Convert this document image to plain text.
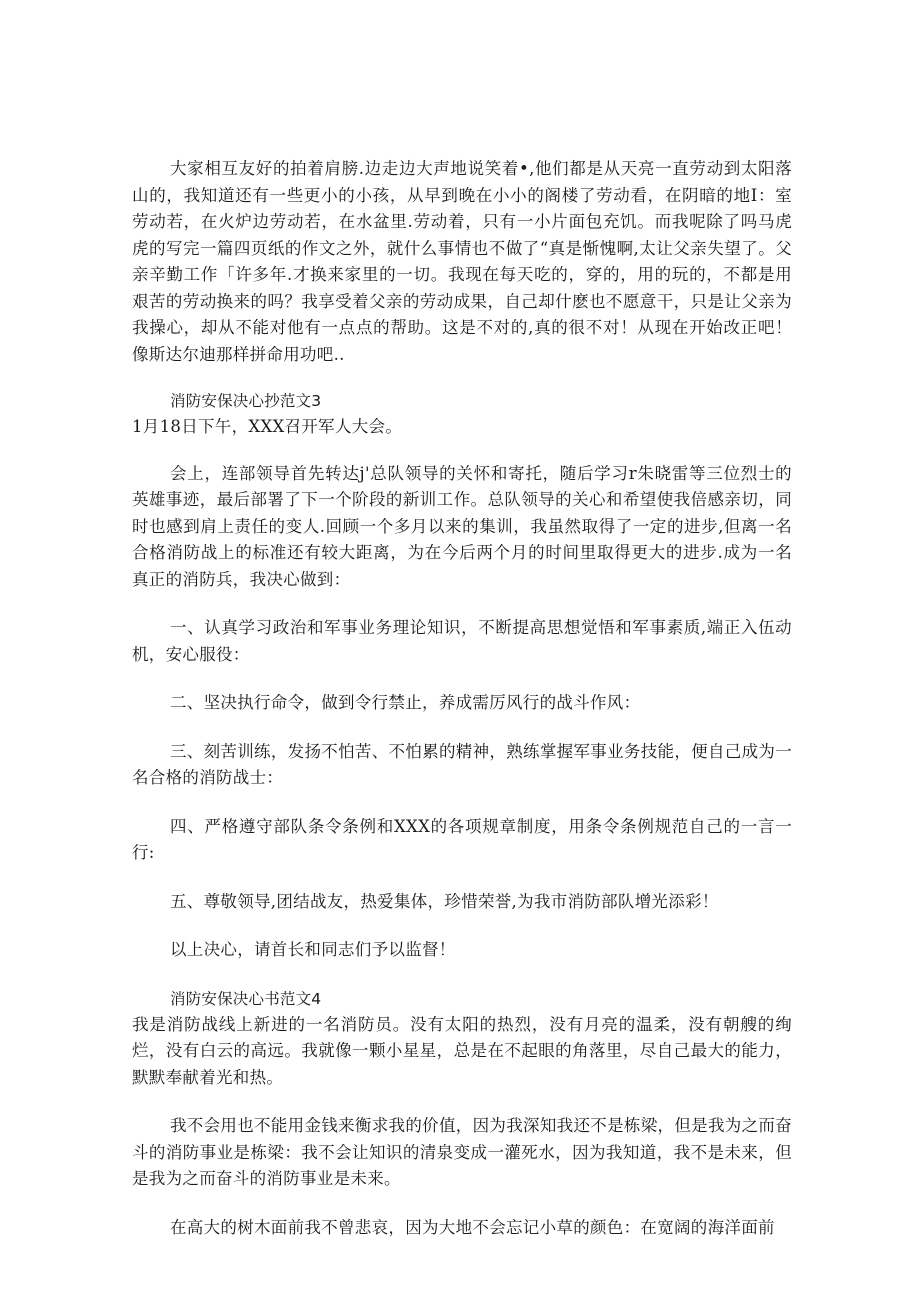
大家相互友好的拍着肩膀.边走边大声地说笑着•,他们都是从天亮一直劳动到太阳落山的，我知道还有一些更小的小孩，从早到晚在小小的阁楼了劳动看，在阴暗的地I：室劳动若，在火炉边劳动若，在水盆里.劳动着，只有一小片面包充饥。而我呢除了吗马虎虎的写完一篇四页纸的作文之外，就什么事情也不做了“真是惭愧啊,太让父亲失望了。父亲辛勤工作「许多年.才换来家里的一切。我现在每天吃的，穿的，用的玩的，不都是用艰苦的劳动换来的吗？我享受着父亲的劳动成果，自己却什麽也不愿意干，只是让父亲为我操心，却从不能对他有一点点的帮助。这是不对的,真的很不对！从现在开始改正吧！像斯达尔迪那样拼命用功吧..

消防安保决心抄范文3

1月18日下午，XXX召开军人大会。

会上，连部领导首先转达j'总队领导的关怀和寄托，随后学习r朱晓雷等三位烈士的英雄事迹，最后部署了下一个阶段的新训工作。总队领导的关心和希望使我倍感亲切，同时也感到肩上责任的变人.回顾一个多月以来的集训，我虽然取得了一定的进步,但离一名合格消防战上的标准还有较大距离，为在今后两个月的时间里取得更大的进步.成为一名真正的消防兵，我决心做到：

一、认真学习政治和军事业务理论知识，不断提高思想觉悟和军事素质,端正入伍动机，安心服役：

二、坚决执行命令，做到令行禁止，养成需厉风行的战斗作风：

三、刻苦训练，发扬不怕苦、不怕累的精神，熟练掌握军事业务技能，便自己成为一名合格的消防战士：

四、严格遵守部队条令条例和XXX的各项规章制度，用条令条例规范自己的一言一行:

五、尊敬领导,团结战友，热爱集体，珍惜荣誉,为我市消防部队增光添彩！

以上决心，请首长和同志们予以监督！

消防安保决心书范文4

我是消防战线上新进的一名消防员。没有太阳的热烈，没有月亮的温柔，没有朝艘的绚烂，没有白云的高远。我就像一颗小星星，总是在不起眼的角落里，尽自己最大的能力，默默奉献着光和热。

我不会用也不能用金钱来衡求我的价值，因为我深知我还不是栋梁，但是我为之而奋斗的消防事业是栋梁：我不会让知识的清泉变成一灌死水，因为我知道，我不是未来，但是我为之而奋斗的消防事业是未来。

在高大的树木面前我不曾悲哀，因为大地不会忘记小草的颜色：在宽阔的海洋面前
